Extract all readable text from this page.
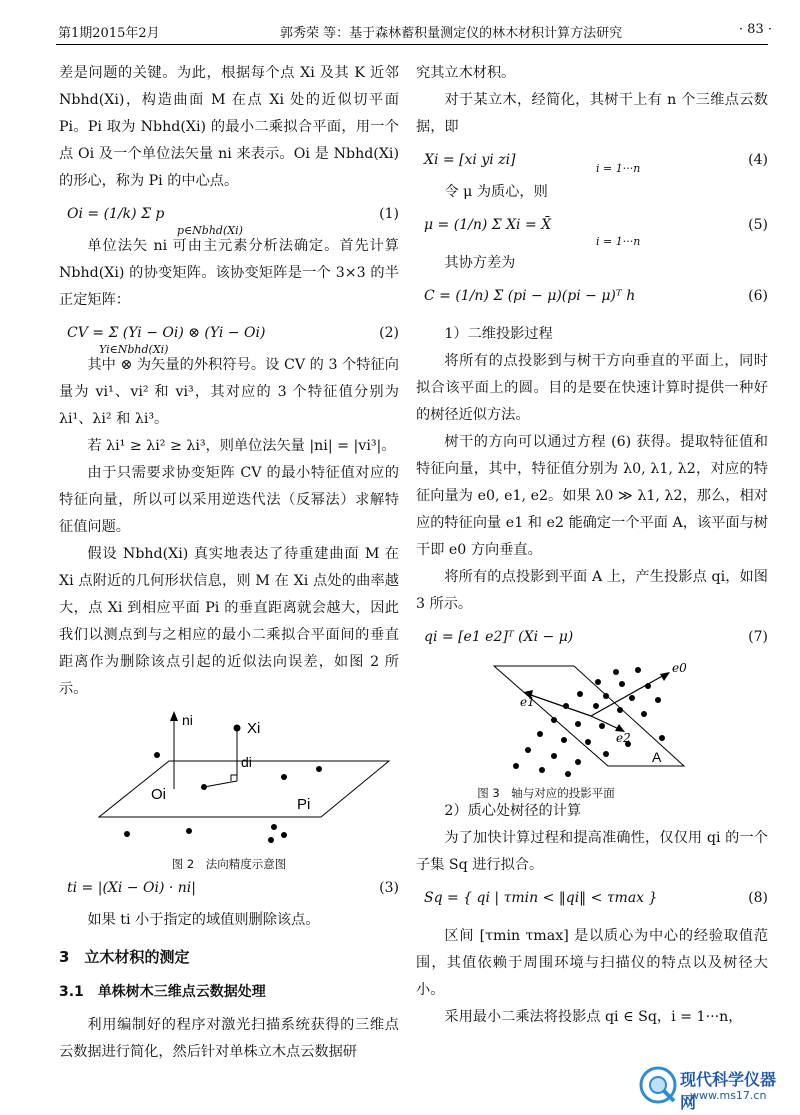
第1期2015年2月	郭秀荣 等：基于森林蓄积量测定仪的林木材积计算方法研究	· 83 ·

差是问题的关键。为此，根据每个点 Xi 及其 K 近邻 Nbhd(Xi)，构造曲面 M 在点 Xi 处的近似切平面 Pi。Pi 取为 Nbhd(Xi) 的最小二乘拟合平面，用一个点 Oi 及一个单位法矢量 ni 来表示。Oi 是 Nbhd(Xi) 的形心，称为 Pi 的中心点。

Oi = (1/k) Σ p
p∈Nbhd(Xi)
(1)

单位法矢 ni 可由主元素分析法确定。首先计算 Nbhd(Xi) 的协变矩阵。该协变矩阵是一个 3×3 的半正定矩阵：

CV = Σ (Yi − Oi) ⊗ (Yi − Oi)
Yi∈Nbhd(Xi)
(2)

其中 ⊗ 为矢量的外积符号。设 CV 的 3 个特征向量为 vi¹、vi² 和 vi³，其对应的 3 个特征值分别为 λi¹、λi² 和 λi³。

若 λi¹ ≥ λi² ≥ λi³，则单位法矢量 |ni| = |vi³|。

由于只需要求协变矩阵 CV 的最小特征值对应的特征向量，所以可以采用逆迭代法（反幂法）求解特征值问题。

假设 Nbhd(Xi) 真实地表达了待重建曲面 M 在 Xi 点附近的几何形状信息，则 M 在 Xi 点处的曲率越大，点 Xi 到相应平面 Pi 的垂直距离就会越大，因此我们以测点到与之相应的最小二乘拟合平面间的垂直距离作为删除该点引起的近似法向误差，如图 2 所示。

ni	Xi
di
Oi
Pi
图 2　法向精度示意图
ti = |(Xi − Oi) · ni|	(3)

如果 ti 小于指定的域值则删除该点。

3　立木材积的测定
3.1　单株树木三维点云数据处理

利用编制好的程序对激光扫描系统获得的三维点云数据进行简化，然后针对单株立木点云数据研

究其立木材积。

对于某立木，经简化，其树干上有 n 个三维点云数据，即

Xi = [xi yi zi]
i = 1···n
(4)

令 μ 为质心，则

μ = (1/n) Σ Xi = X̄
i = 1···n
(5)

其协方差为

C = (1/n) Σ (pi − μ)(pi − μ)ᵀ h	(6)

1）二维投影过程

将所有的点投影到与树干方向垂直的平面上，同时拟合该平面上的圆。目的是要在快速计算时提供一种好的树径近似方法。

树干的方向可以通过方程 (6) 获得。提取特征值和特征向量，其中，特征值分别为 λ0, λ1, λ2，对应的特征向量为 e0, e1, e2。如果 λ0 ≫ λ1, λ2，那么，相对应的特征向量 e1 和 e2 能确定一个平面 A，该平面与树干即 e0 方向垂直。

将所有的点投影到平面 A 上，产生投影点 qi，如图 3 所示。

qi = [e1 e2]ᵀ (Xi − μ)	(7)
e0
e1
e2
A
图 3　轴与对应的投影平面

2）质心处树径的计算

为了加快计算过程和提高准确性，仅仅用 qi 的一个子集 Sq 进行拟合。

Sq = { qi | τmin < ‖qi‖ < τmax }	(8)

区间 [τmin τmax] 是以质心为中心的经验取值范围，其值依赖于周围环境与扫描仪的特点以及树径大小。

采用最小二乘法将投影点 qi ∈ Sq，i = 1···n，

现代科学仪器网
www.ms17.cn
